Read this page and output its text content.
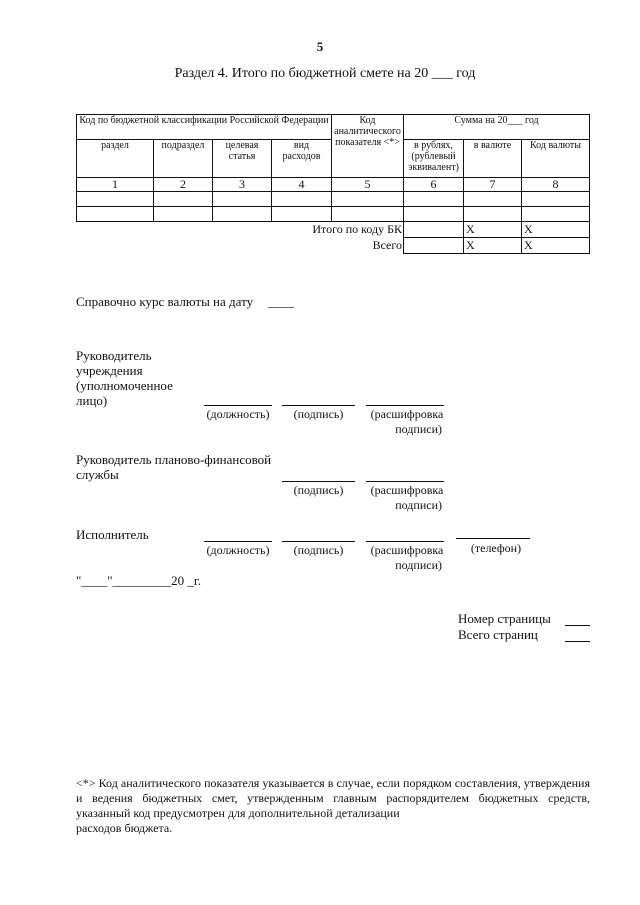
5
Раздел 4. Итого по бюджетной смете на 20 ___ год
Код по бюджетной классификации Российской Федерации				Код аналитического показателя <*>	Сумма на 20___ год		
раздел	подраздел	целевая статья	вид расходов		в рублях, (рублевый эквивалент)	в валюте	Код валюты
1	2	3	4	5	6	7	8

Итого по коду БК						X	X
Всего						X	X
Справочно курс валюты на дату ____
Руководитель учреждения (уполномоченное лицо)
(должность)	(подпись)	(расшифровка
подписи)
Руководитель планово-финансовой службы
(подпись)	(расшифровка
подписи)
Исполнитель
(должность)	(подпись)	(расшифровка
подписи)
(телефон)
"____"_________20 _г.
Номер страницы
Всего страниц
<*> Код аналитического показателя указывается в случае, если порядком составления, утверждения и ведения бюджетных смет, утвержденным главным распорядителем бюджетных средств, указанный код предусмотрен для дополнительной детализации
расходов бюджета.
